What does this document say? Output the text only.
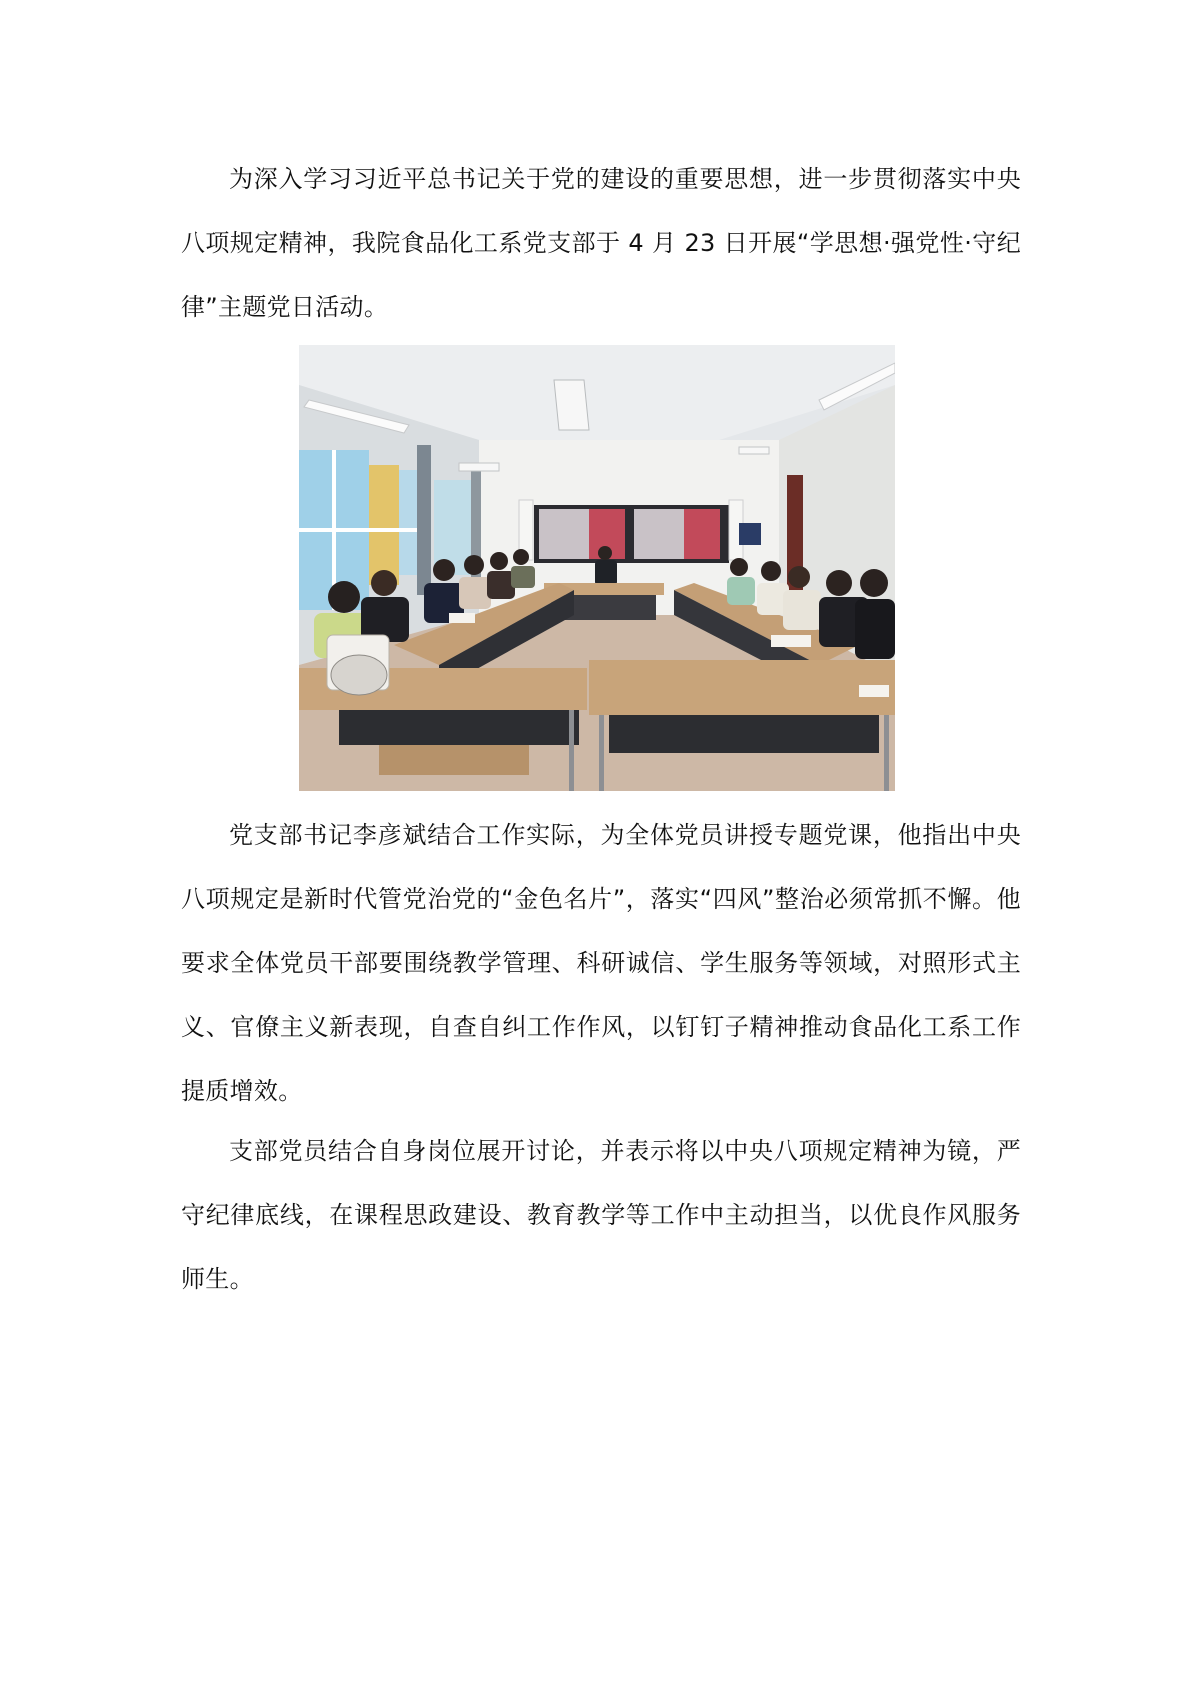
为深入学习习近平总书记关于党的建设的重要思想，进一步贯彻落实中央八项规定精神，我院食品化工系党支部于 4 月 23 日开展“学思想·强党性·守纪律”主题党日活动。

党支部书记李彦斌结合工作实际，为全体党员讲授专题党课，他指出中央八项规定是新时代管党治党的“金色名片”，落实“四风”整治必须常抓不懈。他要求全体党员干部要围绕教学管理、科研诚信、学生服务等领域，对照形式主义、官僚主义新表现，自查自纠工作作风，以钉钉子精神推动食品化工系工作提质增效。

支部党员结合自身岗位展开讨论，并表示将以中央八项规定精神为镜，严守纪律底线，在课程思政建设、教育教学等工作中主动担当，以优良作风服务师生。
